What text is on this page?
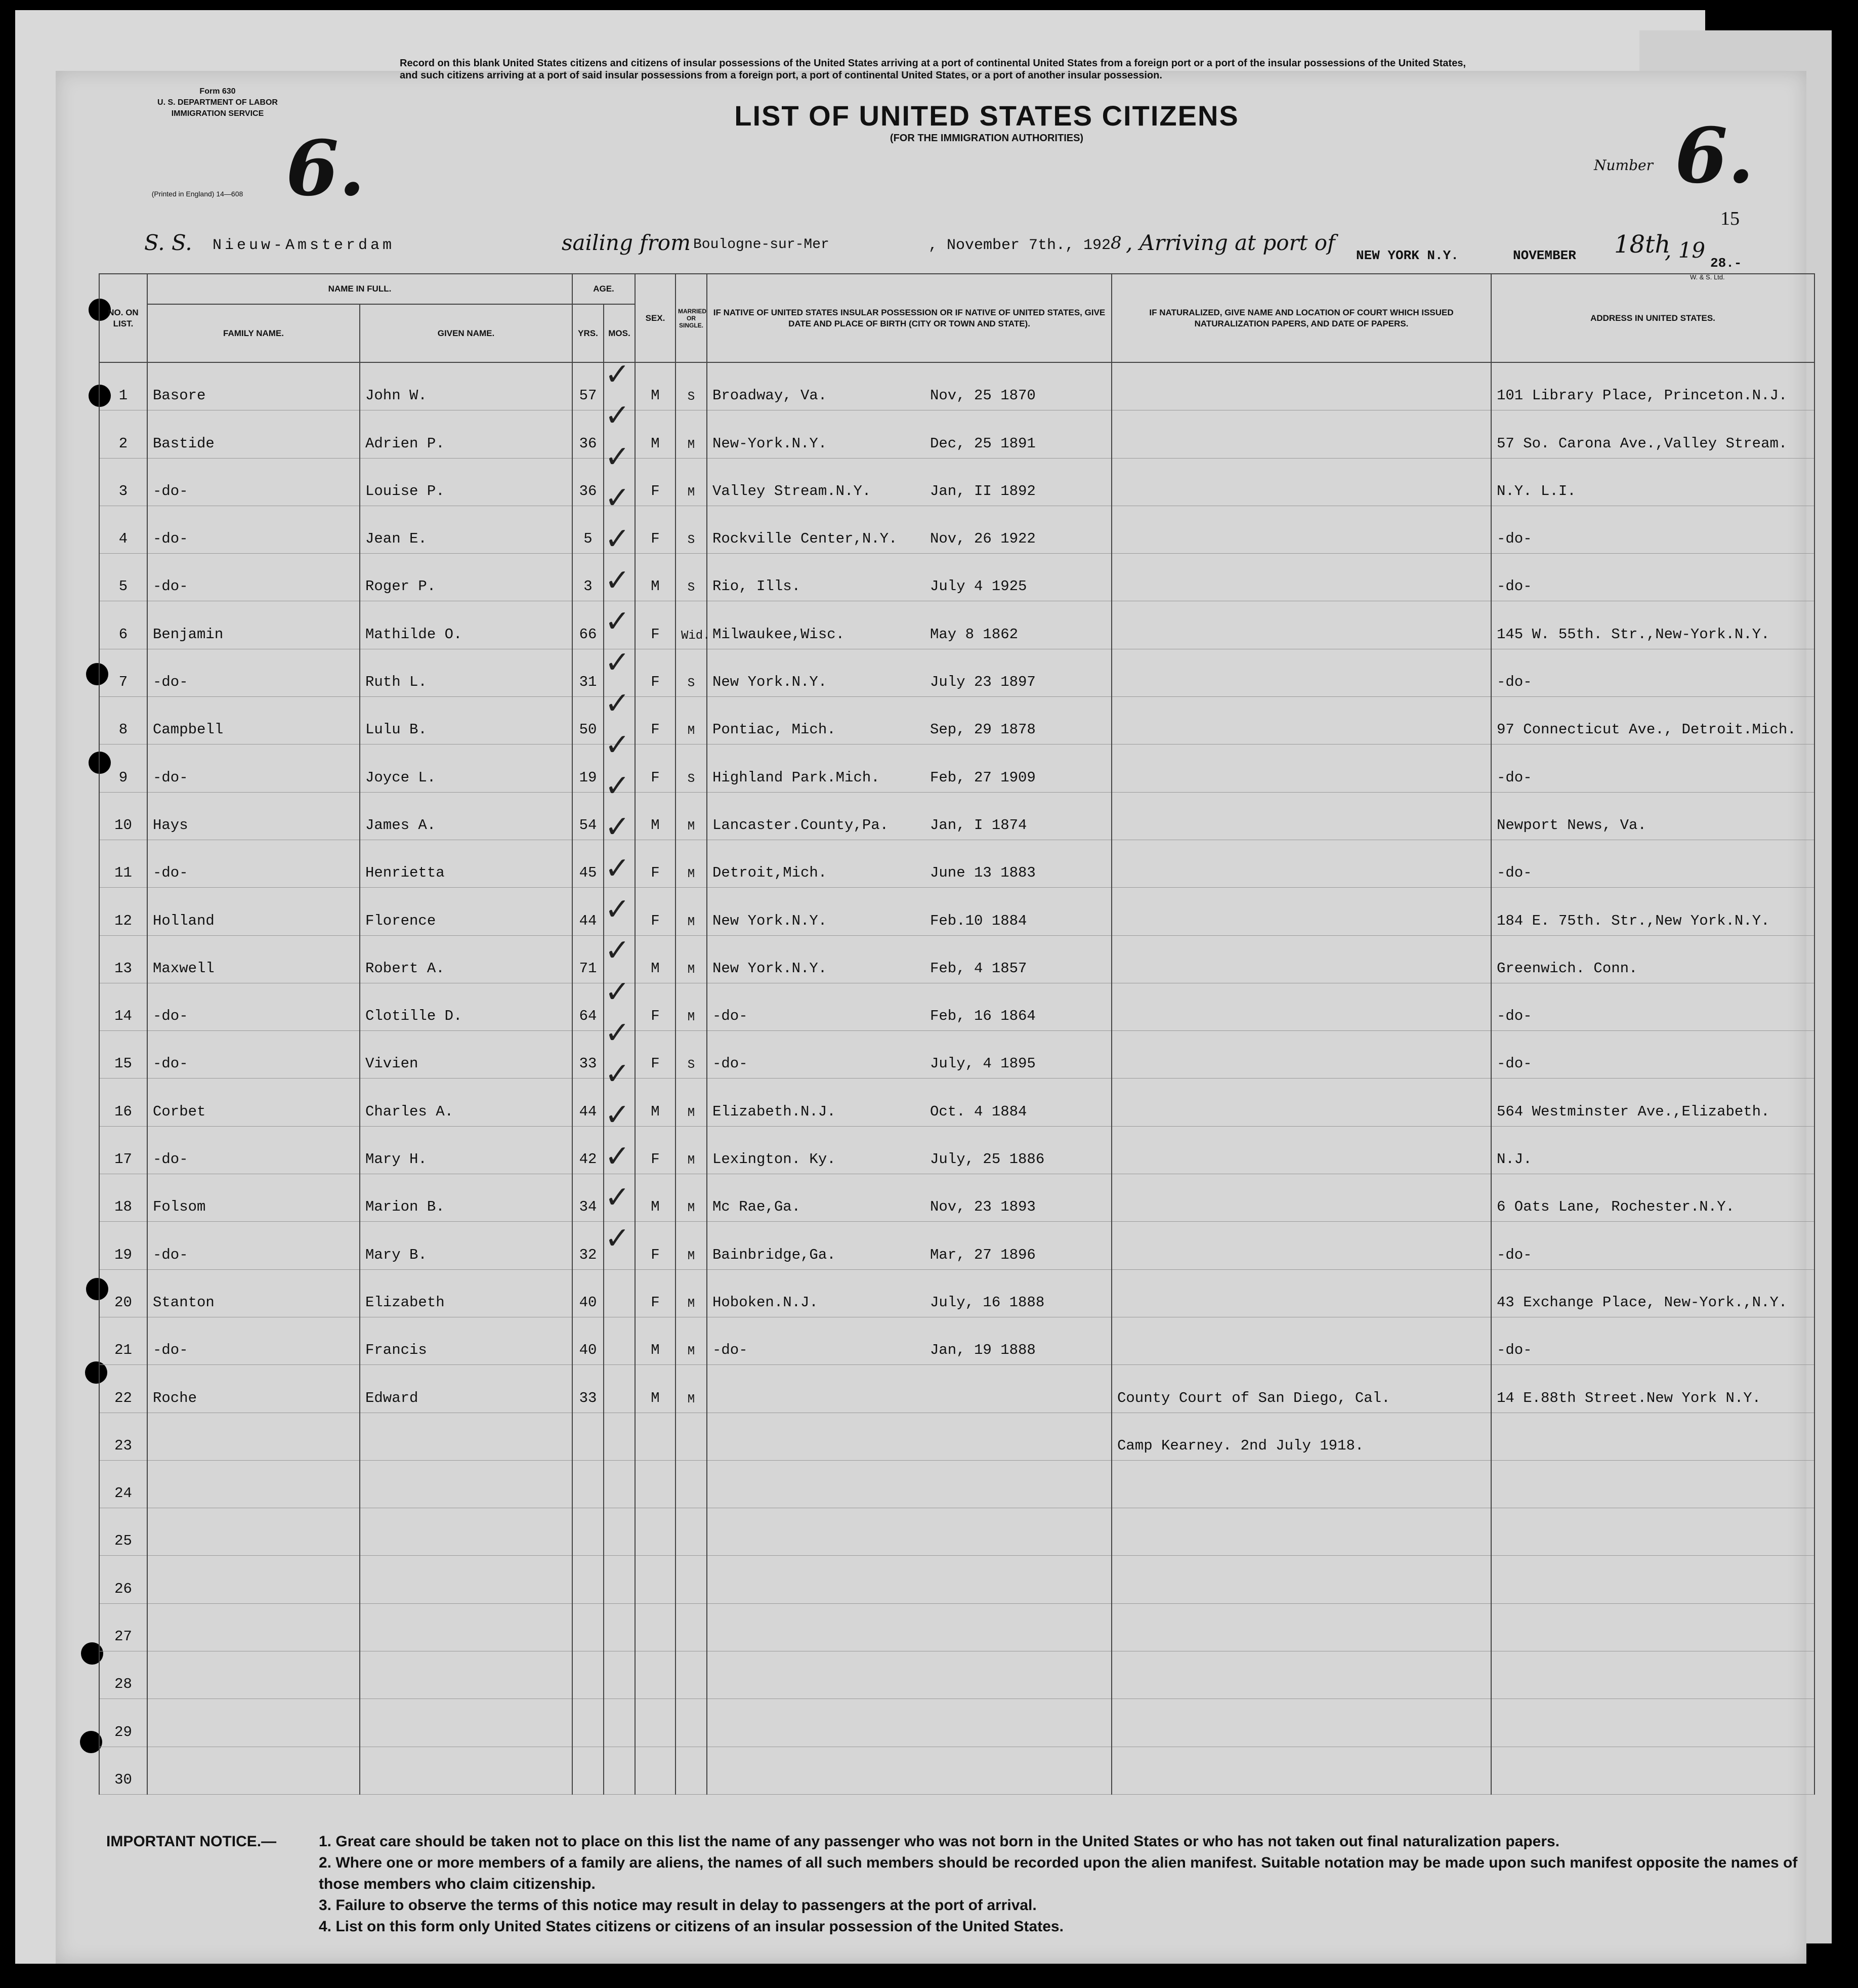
Form 630
U. S. DEPARTMENT OF LABOR
IMMIGRATION SERVICE
(Printed in England) 14—608 6.
Record on this blank United States citizens and citizens of insular possessions of the United States arriving at a port of continental United States from a foreign port or a port of the insular possessions of the United States, and such citizens arriving at a port of said insular possessions from a foreign port, a port of continental United States, or a port of another insular possession.
LIST OF UNITED STATES CITIZENS
(FOR THE IMMIGRATION AUTHORITIES)
Number 6.
15
S. S. Nieuw-Amsterdam	sailing from Boulogne-sur-Mer	, November 7th., 192 8 , Arriving at port of
NEW YORK N.Y.	NOVEMBER 18th
, 19
28.-
W. & S. Ltd.
NO. ON LIST.	NAME IN FULL.		AGE.		SEX.	MARRIED OR SINGLE.	IF NATIVE OF UNITED STATES INSULAR POSSESSION OR IF NATIVE OF UNITED STATES, GIVE DATE AND PLACE OF BIRTH (CITY OR TOWN AND STATE).	IF NATURALIZED, GIVE NAME AND LOCATION OF COURT WHICH ISSUED NATURALIZATION PAPERS, AND DATE OF PAPERS.	ADDRESS IN UNITED STATES.
	FAMILY NAME.	GIVEN NAME.	YRS.	MOS.					
1	Basore	John W.	57		M	S	Broadway, Va. Nov, 25 1870		101 Library Place, Princeton.N.J.
2	Bastide	Adrien P.	36		M	M	New-York.N.Y. Dec, 25 1891		57 So. Carona Ave.,Valley Stream.
3	-do-	Louise P.	36		F	M	Valley Stream.N.Y. Jan, II 1892		N.Y. L.I.
4	-do-	Jean E.	5		F	S	Rockville Center,N.Y. Nov, 26 1922		-do-
5	-do-	Roger P.	3		M	S	Rio, Ills. July 4 1925		-do-
6	Benjamin	Mathilde O.	66		F	Wid.	Milwaukee,Wisc. May 8 1862		145 W. 55th. Str.,New-York.N.Y.
7	-do-	Ruth L.	31		F	S	New York.N.Y. July 23 1897		-do-
8	Campbell	Lulu B.	50		F	M	Pontiac, Mich. Sep, 29 1878		97 Connecticut Ave., Detroit.Mich.
9	-do-	Joyce L.	19		F	S	Highland Park.Mich. Feb, 27 1909		-do-
10	Hays	James A.	54		M	M	Lancaster.County,Pa. Jan, I 1874		Newport News, Va.
11	-do-	Henrietta	45		F	M	Detroit,Mich. June 13 1883		-do-
12	Holland	Florence	44		F	M	New York.N.Y. Feb.10 1884		184 E. 75th. Str.,New York.N.Y.
13	Maxwell	Robert A.	71		M	M	New York.N.Y. Feb, 4 1857		Greenwich. Conn.
14	-do-	Clotille D.	64		F	M	-do- Feb, 16 1864		-do-
15	-do-	Vivien	33		F	S	-do- July, 4 1895		-do-
16	Corbet	Charles A.	44		M	M	Elizabeth.N.J. Oct. 4 1884		564 Westminster Ave.,Elizabeth.
17	-do-	Mary H.	42		F	M	Lexington. Ky. July, 25 1886		N.J.
18	Folsom	Marion B.	34		M	M	Mc Rae,Ga. Nov, 23 1893		6 Oats Lane, Rochester.N.Y.
19	-do-	Mary B.	32		F	M	Bainbridge,Ga. Mar, 27 1896		-do-
20	Stanton	Elizabeth	40		F	M	Hoboken.N.J. July, 16 1888		43 Exchange Place, New-York.,N.Y.
21	-do-	Francis	40		M	M	-do- Jan, 19 1888		-do-
22	Roche	Edward	33		M	M		County Court of San Diego, Cal.	14 E.88th Street.New York N.Y.
23								Camp Kearney. 2nd July 1918.	
24									
25									
26									
27									
28									
29									
30									
✓
✓
✓
✓
✓
✓
✓
✓
✓
✓
✓
✓
✓
✓
✓
✓
✓
✓
✓
✓
✓
✓
IMPORTANT NOTICE.—	1. Great care should be taken not to place on this list the name of any passenger who was not born in the United States or who has not taken out final naturalization papers.
2. Where one or more members of a family are aliens, the names of all such members should be recorded upon the alien manifest. Suitable notation may be made upon such manifest opposite the names of those members who claim citizenship.
3. Failure to observe the terms of this notice may result in delay to passengers at the port of arrival.
4. List on this form only United States citizens or citizens of an insular possession of the United States.
